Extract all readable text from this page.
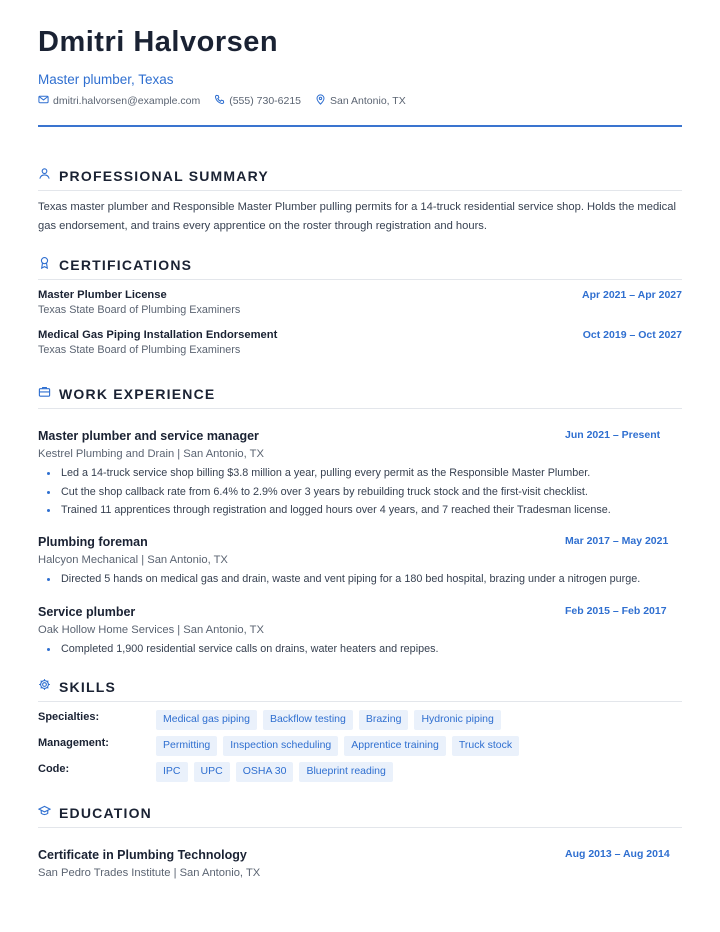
Dmitri Halvorsen
Master plumber, Texas
dmitri.halvorsen@example.com	(555) 730-6215	San Antonio, TX
PROFESSIONAL SUMMARY
Texas master plumber and Responsible Master Plumber pulling permits for a 14-truck residential service shop. Holds the medical gas endorsement, and trains every apprentice on the roster through registration and hours.
CERTIFICATIONS
Master Plumber License
Texas State Board of Plumbing Examiners
Apr 2021 – Apr 2027
Medical Gas Piping Installation Endorsement
Texas State Board of Plumbing Examiners
Oct 2019 – Oct 2027
WORK EXPERIENCE
Master plumber and service manager
Kestrel Plumbing and Drain | San Antonio, TX
Jun 2021 – Present
Led a 14-truck service shop billing $3.8 million a year, pulling every permit as the Responsible Master Plumber.
Cut the shop callback rate from 6.4% to 2.9% over 3 years by rebuilding truck stock and the first-visit checklist.
Trained 11 apprentices through registration and logged hours over 4 years, and 7 reached their Tradesman license.
Plumbing foreman
Halcyon Mechanical | San Antonio, TX
Mar 2017 – May 2021
Directed 5 hands on medical gas and drain, waste and vent piping for a 180 bed hospital, brazing under a nitrogen purge.
Service plumber
Oak Hollow Home Services | San Antonio, TX
Feb 2015 – Feb 2017
Completed 1,900 residential service calls on drains, water heaters and repipes.
SKILLS
Specialties:	Medical gas piping	Backflow testing	Brazing	Hydronic piping
Management:	Permitting	Inspection scheduling	Apprentice training	Truck stock
Code:	IPC	UPC	OSHA 30	Blueprint reading
EDUCATION
Certificate in Plumbing Technology
San Pedro Trades Institute | San Antonio, TX
Aug 2013 – Aug 2014
